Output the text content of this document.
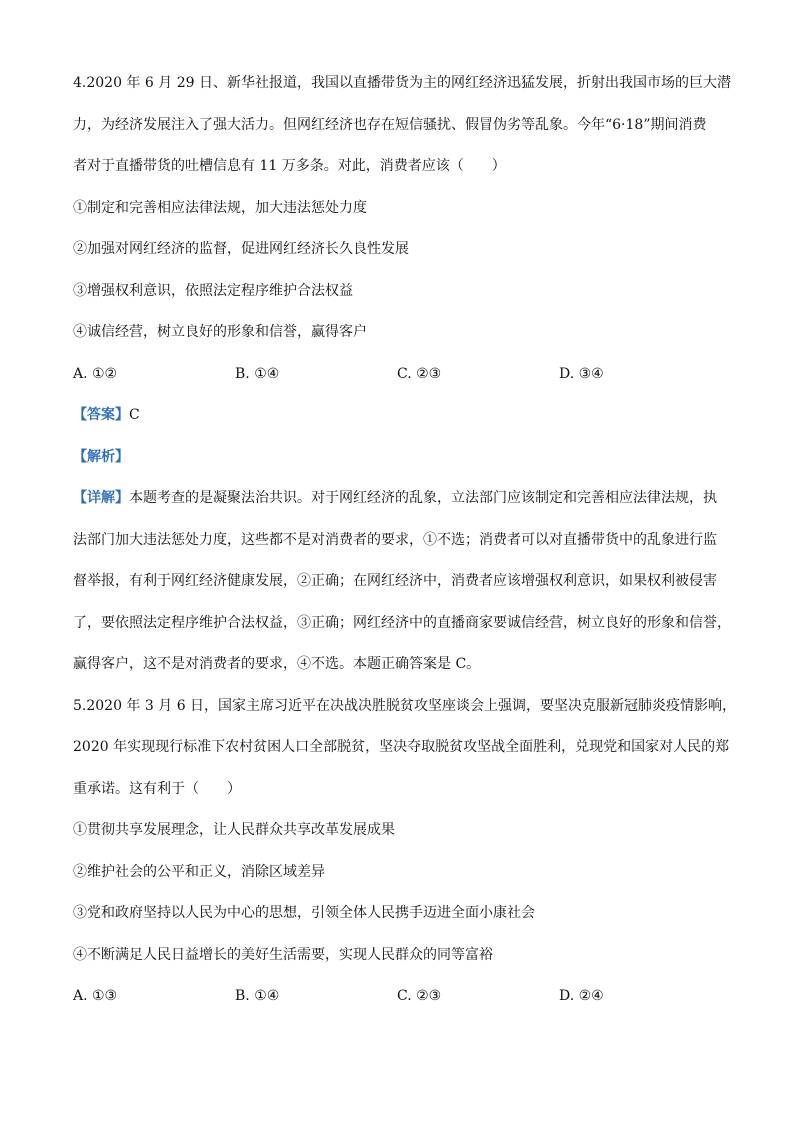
4.2020 年 6 月 29 日、新华社报道，我国以直播带货为主的网红经济迅猛发展，折射出我国市场的巨大潜
力，为经济发展注入了强大活力。但网红经济也存在短信骚扰、假冒伪劣等乱象。今年“6·18”期间消费
者对于直播带货的吐槽信息有 11 万多条。对此，消费者应该（　　）
①制定和完善相应法律法规，加大违法惩处力度
②加强对网红经济的监督，促进网红经济长久良性发展
③增强权利意识，依照法定程序维护合法权益
④诚信经营，树立良好的形象和信誉，赢得客户
A. ①②	B. ①④	C. ②③	D. ③④
【答案】C
【解析】
【详解】本题考查的是凝聚法治共识。对于网红经济的乱象，立法部门应该制定和完善相应法律法规，执
法部门加大违法惩处力度，这些都不是对消费者的要求，①不选；消费者可以对直播带货中的乱象进行监
督举报，有利于网红经济健康发展，②正确；在网红经济中，消费者应该增强权利意识，如果权利被侵害
了，要依照法定程序维护合法权益，③正确；网红经济中的直播商家要诚信经营，树立良好的形象和信誉，
赢得客户，这不是对消费者的要求，④不选。本题正确答案是 C。
5.2020 年 3 月 6 日，国家主席习近平在决战决胜脱贫攻坚座谈会上强调，要坚决克服新冠肺炎疫情影响，
2020 年实现现行标准下农村贫困人口全部脱贫，坚决夺取脱贫攻坚战全面胜利，兑现党和国家对人民的郑
重承诺。这有利于（　　）
①贯彻共享发展理念，让人民群众共享改革发展成果
②维护社会的公平和正义，消除区域差异
③党和政府坚持以人民为中心的思想，引领全体人民携手迈进全面小康社会
④不断满足人民日益增长的美好生活需要，实现人民群众的同等富裕
A. ①③	B. ①④	C. ②③	D. ②④
